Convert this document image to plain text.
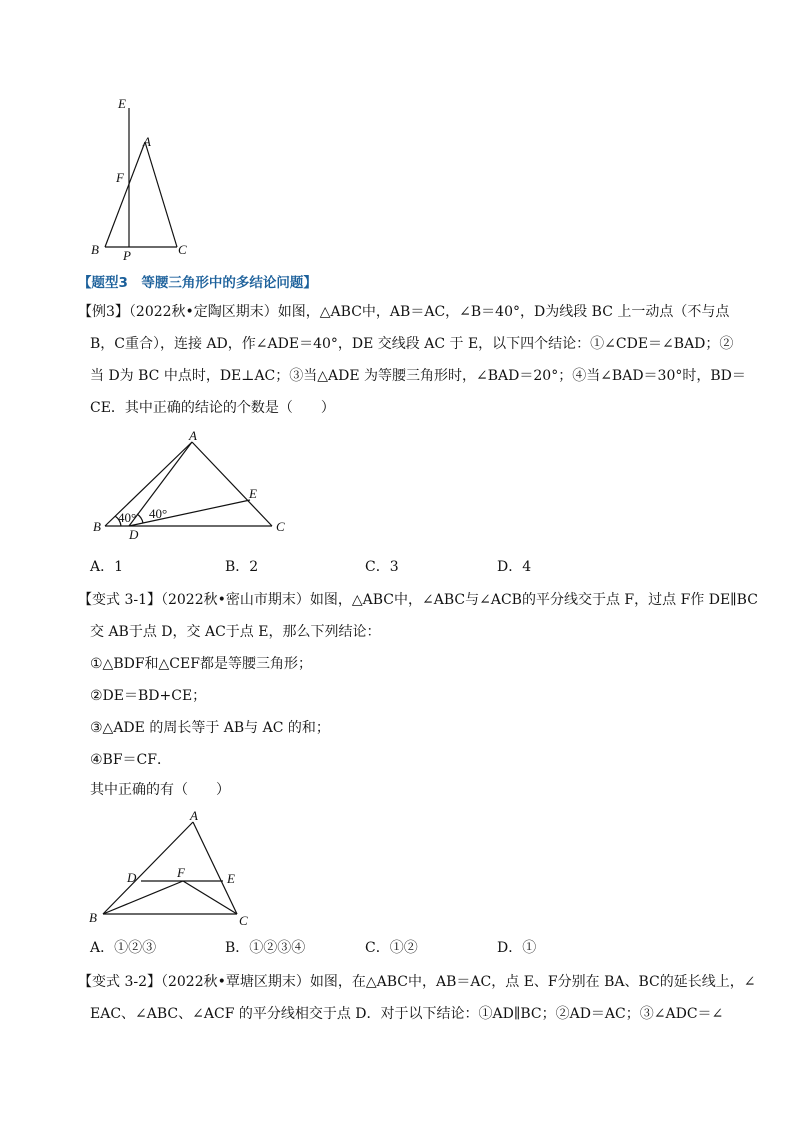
E
A
F
B P	C
【题型3　等腰三角形中的多结论问题】
【例3】（2022秋•定陶区期末）如图，△ABC中，AB＝AC，∠B＝40°，D为线段 BC 上一动点（不与点
B，C重合），连接 AD，作∠ADE＝40°，DE 交线段 AC 于 E，以下四个结论：①∠CDE＝∠BAD；②
当 D为 BC 中点时，DE⊥AC；③当△ADE 为等腰三角形时，∠BAD＝20°；④当∠BAD＝30°时，BD＝
CE．其中正确的结论的个数是（　　）
A
E
B
D
C
40° 40°
A．1	B．2	C．3	D．4
【变式 3-1】（2022秋•密山市期末）如图，△ABC中，∠ABC与∠ACB的平分线交于点 F，过点 F作 DE∥BC
交 AB于点 D，交 AC于点 E，那么下列结论：
①△BDF和△CEF都是等腰三角形；
②DE＝BD+CE；
③△ADE 的周长等于 AB与 AC 的和；
④BF＝CF．
其中正确的有（　　）
A
D	F	E
B	C
A．①②③	B．①②③④	C．①②	D．①
【变式 3-2】（2022秋•覃塘区期末）如图，在△ABC中，AB＝AC，点 E、F分别在 BA、BC的延长线上，∠
EAC、∠ABC、∠ACF 的平分线相交于点 D．对于以下结论：①AD∥BC；②AD＝AC；③∠ADC＝∠
